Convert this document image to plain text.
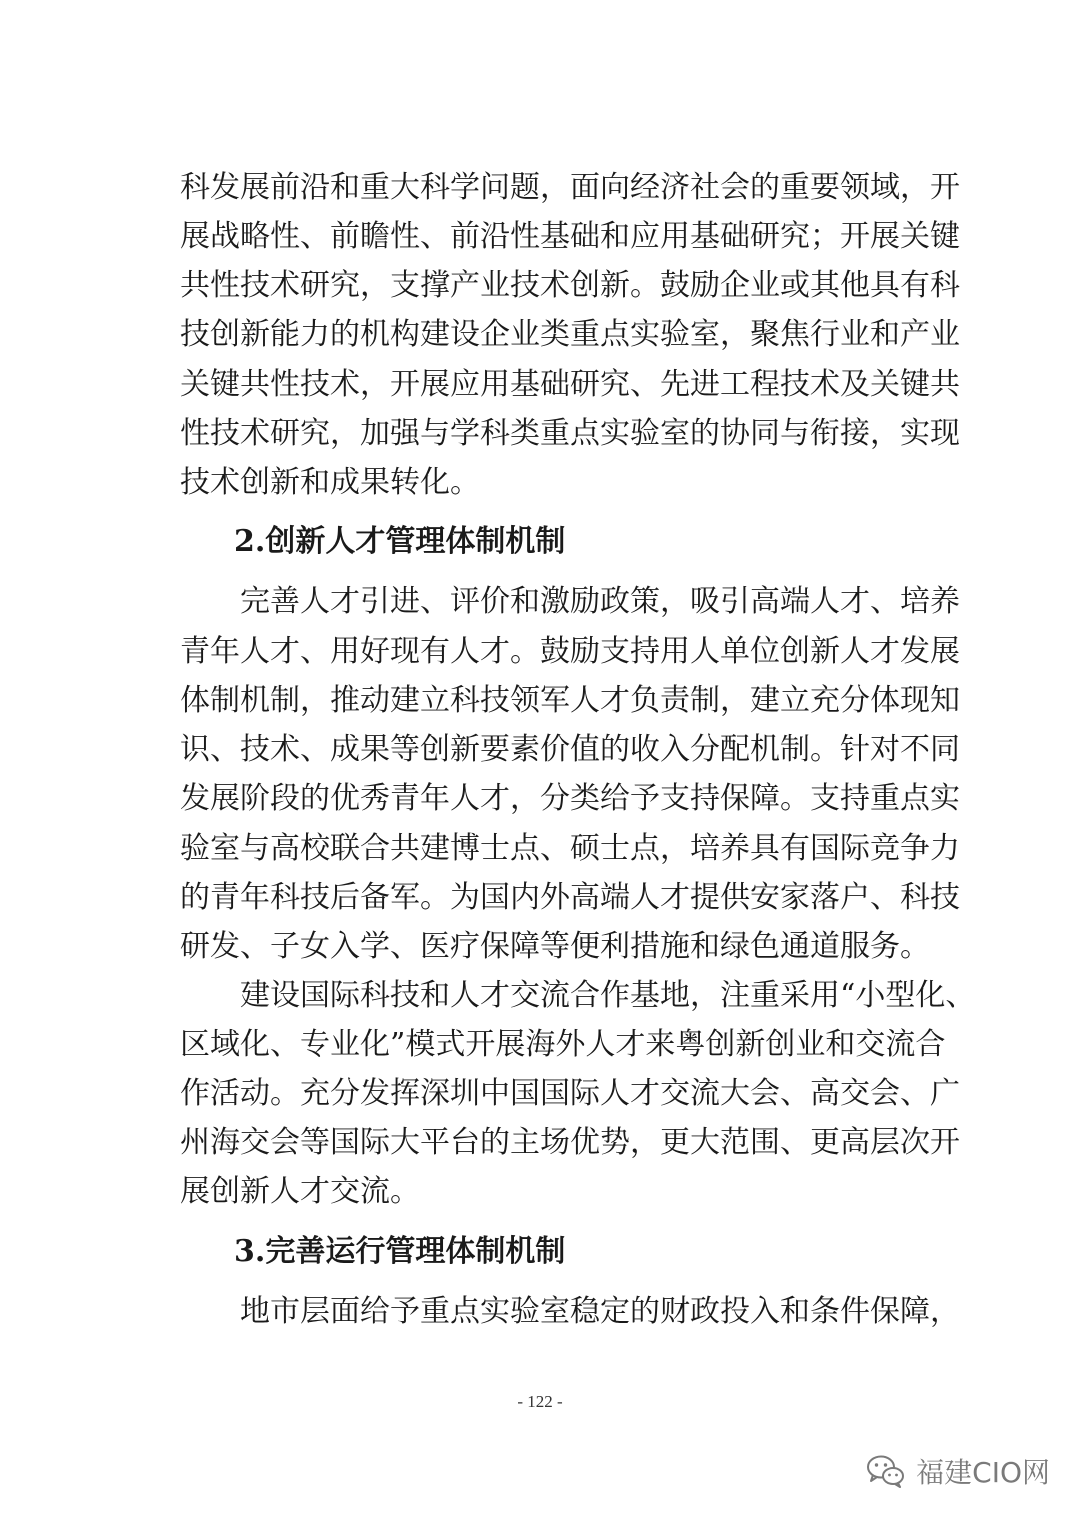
科发展前沿和重大科学问题，面向经济社会的重要领域，开
展战略性、前瞻性、前沿性基础和应用基础研究；开展关键
共性技术研究，支撑产业技术创新。鼓励企业或其他具有科
技创新能力的机构建设企业类重点实验室，聚焦行业和产业
关键共性技术，开展应用基础研究、先进工程技术及关键共
性技术研究，加强与学科类重点实验室的协同与衔接，实现
技术创新和成果转化。
2.创新人才管理体制机制
　　完善人才引进、评价和激励政策，吸引高端人才、培养
青年人才、用好现有人才。鼓励支持用人单位创新人才发展
体制机制，推动建立科技领军人才负责制，建立充分体现知
识、技术、成果等创新要素价值的收入分配机制。针对不同
发展阶段的优秀青年人才，分类给予支持保障。支持重点实
验室与高校联合共建博士点、硕士点，培养具有国际竞争力
的青年科技后备军。为国内外高端人才提供安家落户、科技
研发、子女入学、医疗保障等便利措施和绿色通道服务。
　　建设国际科技和人才交流合作基地，注重采用“小型化、
区域化、专业化”模式开展海外人才来粤创新创业和交流合
作活动。充分发挥深圳中国国际人才交流大会、高交会、广
州海交会等国际大平台的主场优势，更大范围、更高层次开
展创新人才交流。
3.完善运行管理体制机制
　　地市层面给予重点实验室稳定的财政投入和条件保障，
- 122 -
福建CIO网
